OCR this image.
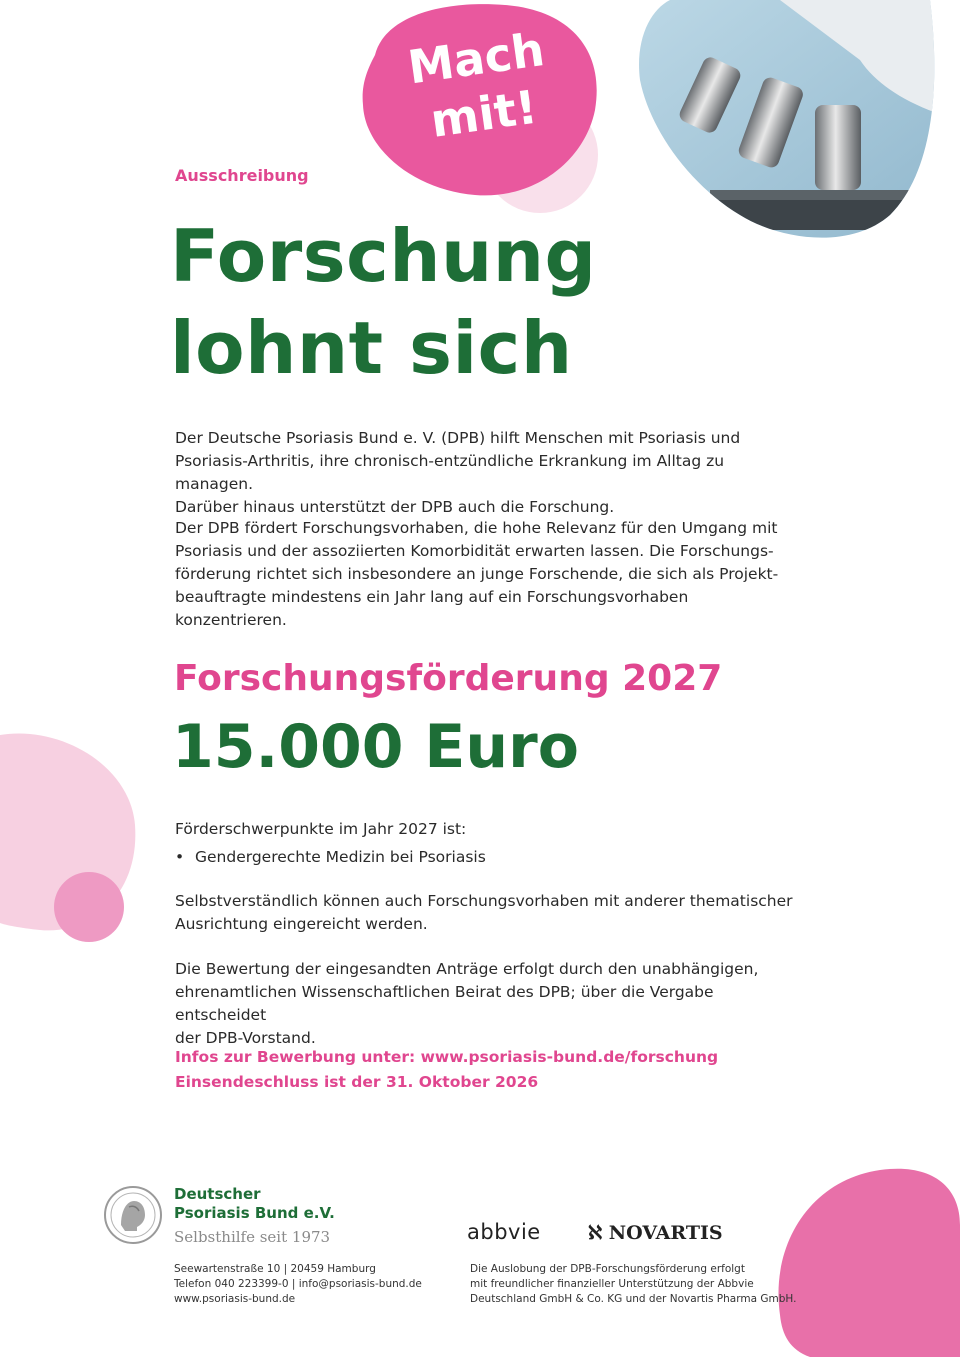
Mach
mit!
Ausschreibung
Forschung
lohnt sich
Der Deutsche Psoriasis Bund e. V. (DPB) hilft Menschen mit Psoriasis und
Psoriasis-Arthritis, ihre chronisch-entzündliche Erkrankung im Alltag zu managen.
Darüber hinaus unterstützt der DPB auch die Forschung.
Der DPB fördert Forschungsvorhaben, die hohe Relevanz für den Umgang mit
Psoriasis und der assoziierten Komorbidität erwarten lassen. Die Forschungs-
förderung richtet sich insbesondere an junge Forschende, die sich als Projekt-
beauftragte mindestens ein Jahr lang auf ein Forschungsvorhaben konzentrieren.
Forschungsförderung 2027
15.000 Euro
Förderschwerpunkte im Jahr 2027 ist:
• Gendergerechte Medizin bei Psoriasis
Selbstverständlich können auch Forschungsvorhaben mit anderer thematischer
Ausrichtung eingereicht werden.
Die Bewertung der eingesandten Anträge erfolgt durch den unabhängigen,
ehrenamtlichen Wissenschaftlichen Beirat des DPB; über die Vergabe entscheidet
der DPB-Vorstand.
Infos zur Bewerbung unter: www.psoriasis-bund.de/forschung
Einsendeschluss ist der 31. Oktober 2026
Deutscher
Psoriasis Bund e.V.
Selbsthilfe seit 1973
Seewartenstraße 10 | 20459 Hamburg
Telefon 040 223399-0 | info@psoriasis-bund.de
www.psoriasis-bund.de
abbvie ℵ NOVARTIS
Die Auslobung der DPB-Forschungsförderung erfolgt
mit freundlicher finanzieller Unterstützung der Abbvie
Deutschland GmbH & Co. KG und der Novartis Pharma GmbH.
